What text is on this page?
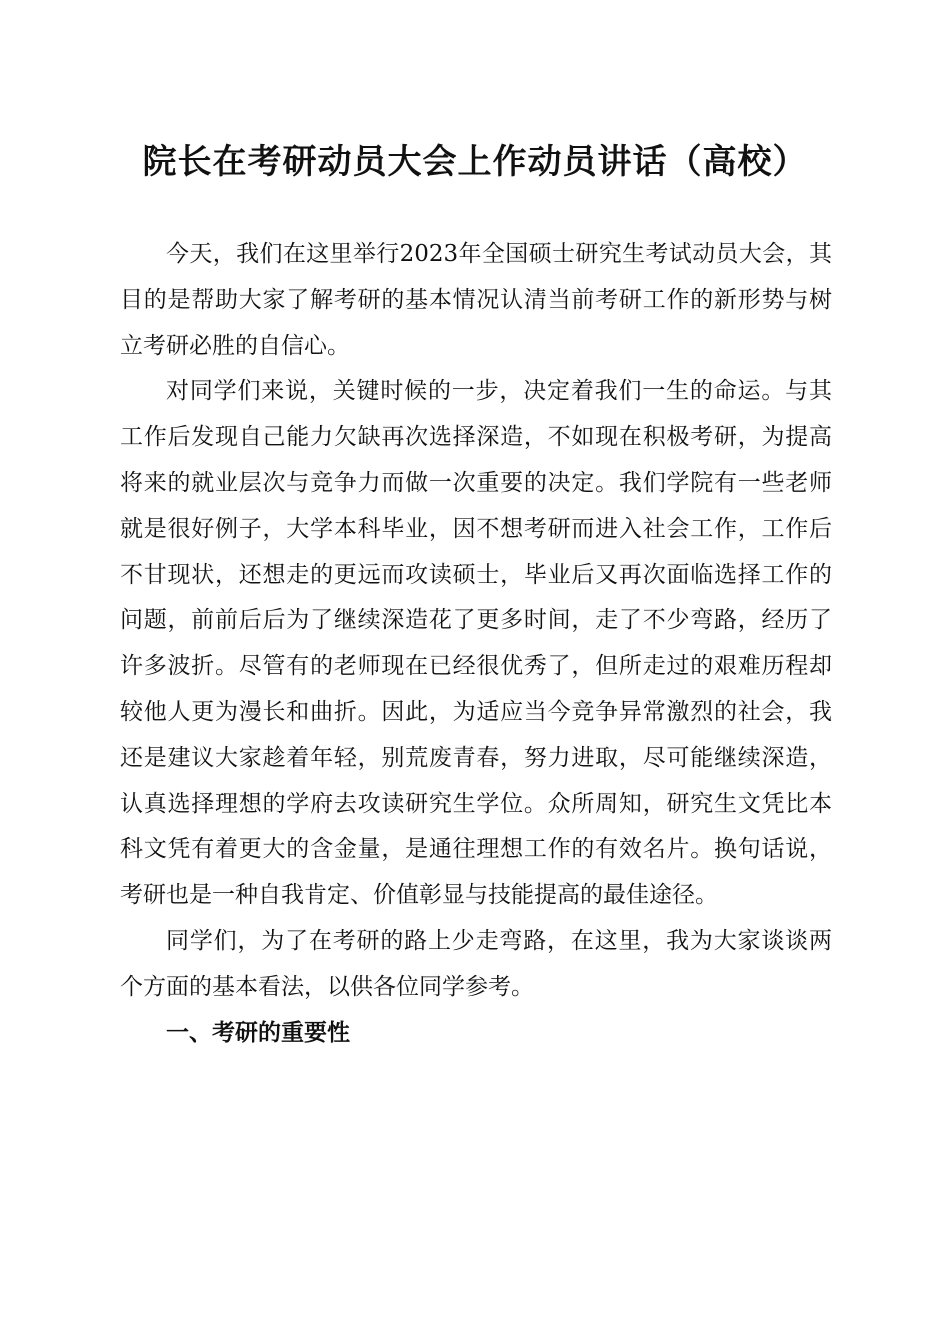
院长在考研动员大会上作动员讲话（高校）

今天，我们在这里举行2023年全国硕士研究生考试动员大会，其目的是帮助大家了解考研的基本情况认清当前考研工作的新形势与树立考研必胜的自信心。

对同学们来说，关键时候的一步，决定着我们一生的命运。与其工作后发现自己能力欠缺再次选择深造，不如现在积极考研，为提高将来的就业层次与竞争力而做一次重要的决定。我们学院有一些老师就是很好例子，大学本科毕业，因不想考研而进入社会工作，工作后不甘现状，还想走的更远而攻读硕士，毕业后又再次面临选择工作的问题，前前后后为了继续深造花了更多时间，走了不少弯路，经历了许多波折。尽管有的老师现在已经很优秀了，但所走过的艰难历程却较他人更为漫长和曲折。因此，为适应当今竞争异常激烈的社会，我还是建议大家趁着年轻，别荒废青春，努力进取，尽可能继续深造，认真选择理想的学府去攻读研究生学位。众所周知，研究生文凭比本科文凭有着更大的含金量，是通往理想工作的有效名片。换句话说，考研也是一种自我肯定、价值彰显与技能提高的最佳途径。

同学们，为了在考研的路上少走弯路，在这里，我为大家谈谈两个方面的基本看法，以供各位同学参考。

一、考研的重要性
